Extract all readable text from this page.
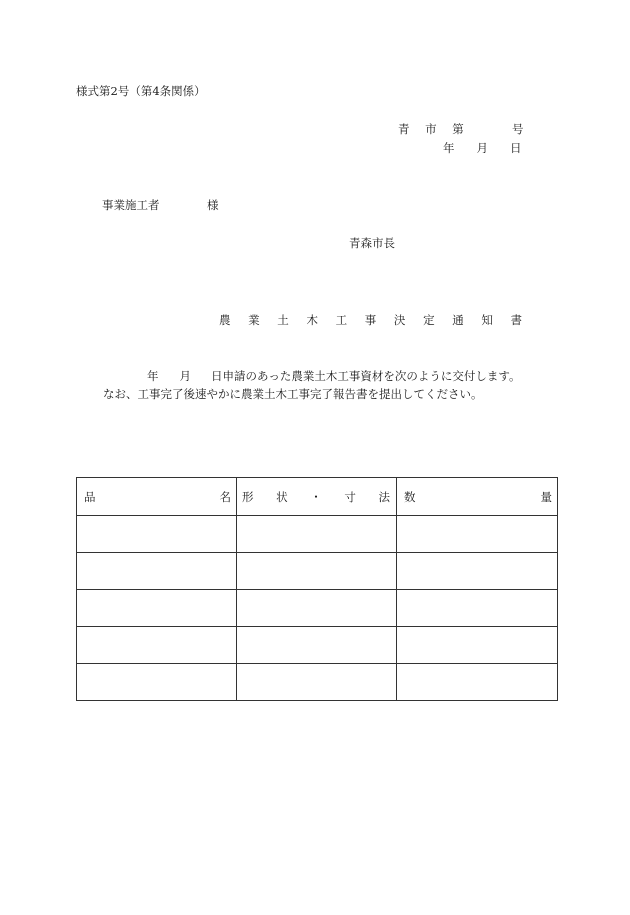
様式第2号（第4条関係）
青 市 第	号
年 月 日
事業施工者	様
青森市長
農 業 土 木 工 事 決 定 通 知 書
年 月 日申請のあった農業土木工事資材を次のように交付します。
なお、工事完了後速やかに農業土木工事完了報告書を提出してください。
品 名	形 状 ・ 寸 法	数 量
